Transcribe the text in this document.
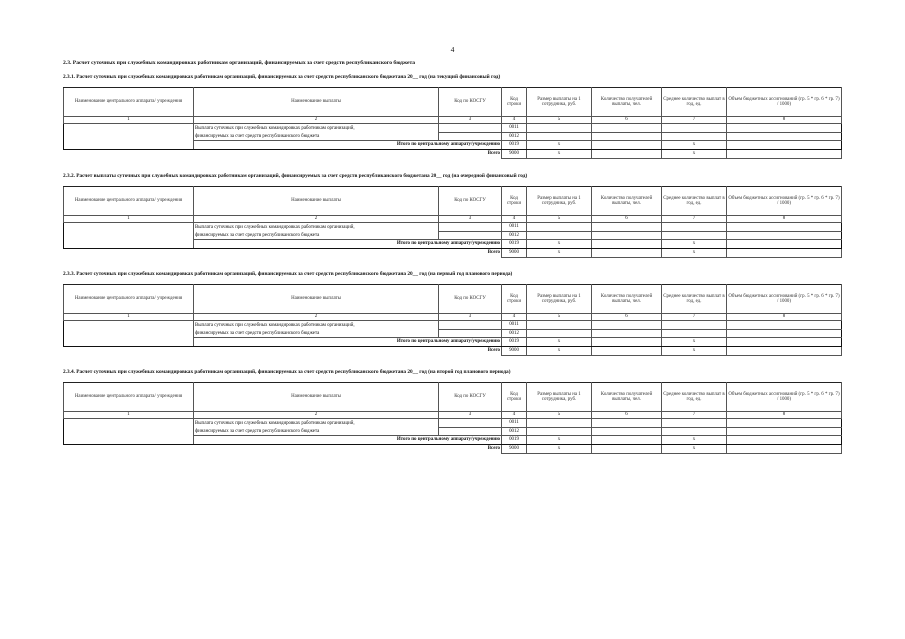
4
2.3. Расчет суточных при служебных командировках работникам организаций, финансируемых за счет средств республиканского бюджета
2.3.1. Расчет суточных при служебных командировках работникам организаций, финансируемых за счет средств республиканского бюджетана 20__ год (на текущий финансовый год)
Наименование центрального аппарата/ учреждения	Наименование выплаты	Код по КОСГУ	Код строки	Размер выплаты на 1 сотрудника, руб.	Количество получателей выплаты, чел.	Среднее количество выплат в год, ед.	Объем бюджетных ассигнований (гр. 5 * гр. 6 * гр. 7) / 1000)
1	2	3	4	5	6	7	8
	Выплата суточных при служебных командировках работникам организаций,		0011				
	финансируемых за счет средств республиканского бюджета		0012				
	Итого по центральному аппарату/учреждению		0019	х		х	
	Всего		9000	х		х	
2.3.2. Расчет выплаты суточных при служебных командировках работникам организаций, финансируемых за счет средств республиканского бюджетана 20__ год (на очередной финансовый год)
Наименование центрального аппарата/ учреждения	Наименование выплаты	Код по КОСГУ	Код строки	Размер выплаты на 1 сотрудника, руб.	Количество получателей выплаты, чел.	Среднее количество выплат в год, ед.	Объем бюджетных ассигнований (гр. 5 * гр. 6 * гр. 7) / 1000)
1	2	3	4	5	6	7	8
	Выплата суточных при служебных командировках работникам организаций,		0011				
	финансируемых за счет средств республиканского бюджета		0012				
	Итого по центральному аппарату/учреждению		0019	х		х	
	Всего		9000	х		х	
2.3.3. Расчет суточных при служебных командировках работникам организаций, финансируемых за счет средств республиканского бюджетана 20__ год (на первый год планового периода)
Наименование центрального аппарата/ учреждения	Наименование выплаты	Код по КОСГУ	Код строки	Размер выплаты на 1 сотрудника, руб.	Количество получателей выплаты, чел.	Среднее количество выплат в год, ед.	Объем бюджетных ассигнований (гр. 5 * гр. 6 * гр. 7) / 1000)
1	2	3	4	5	6	7	8
	Выплата суточных при служебных командировках работникам организаций,		0011				
	финансируемых за счет средств республиканского бюджета		0012				
	Итого по центральному аппарату/учреждению		0019	х		х	
	Всего		9000	х		х	
2.3.4. Расчет суточных при служебных командировках работникам организаций, финансируемых за счет средств республиканского бюджетана 20__ год (на второй год планового периода)
Наименование центрального аппарата/ учреждения	Наименование выплаты	Код по КОСГУ	Код строки	Размер выплаты на 1 сотрудника, руб.	Количество получателей выплаты, чел.	Среднее количество выплат в год, ед.	Объем бюджетных ассигнований (гр. 5 * гр. 6 * гр. 7) / 1000)
1	2	3	4	5	6	7	8
	Выплата суточных при служебных командировках работникам организаций,		0011				
	финансируемых за счет средств республиканского бюджета		0012				
	Итого по центральному аппарату/учреждению		0019	х		х	
	Всего		9000	х		х	
